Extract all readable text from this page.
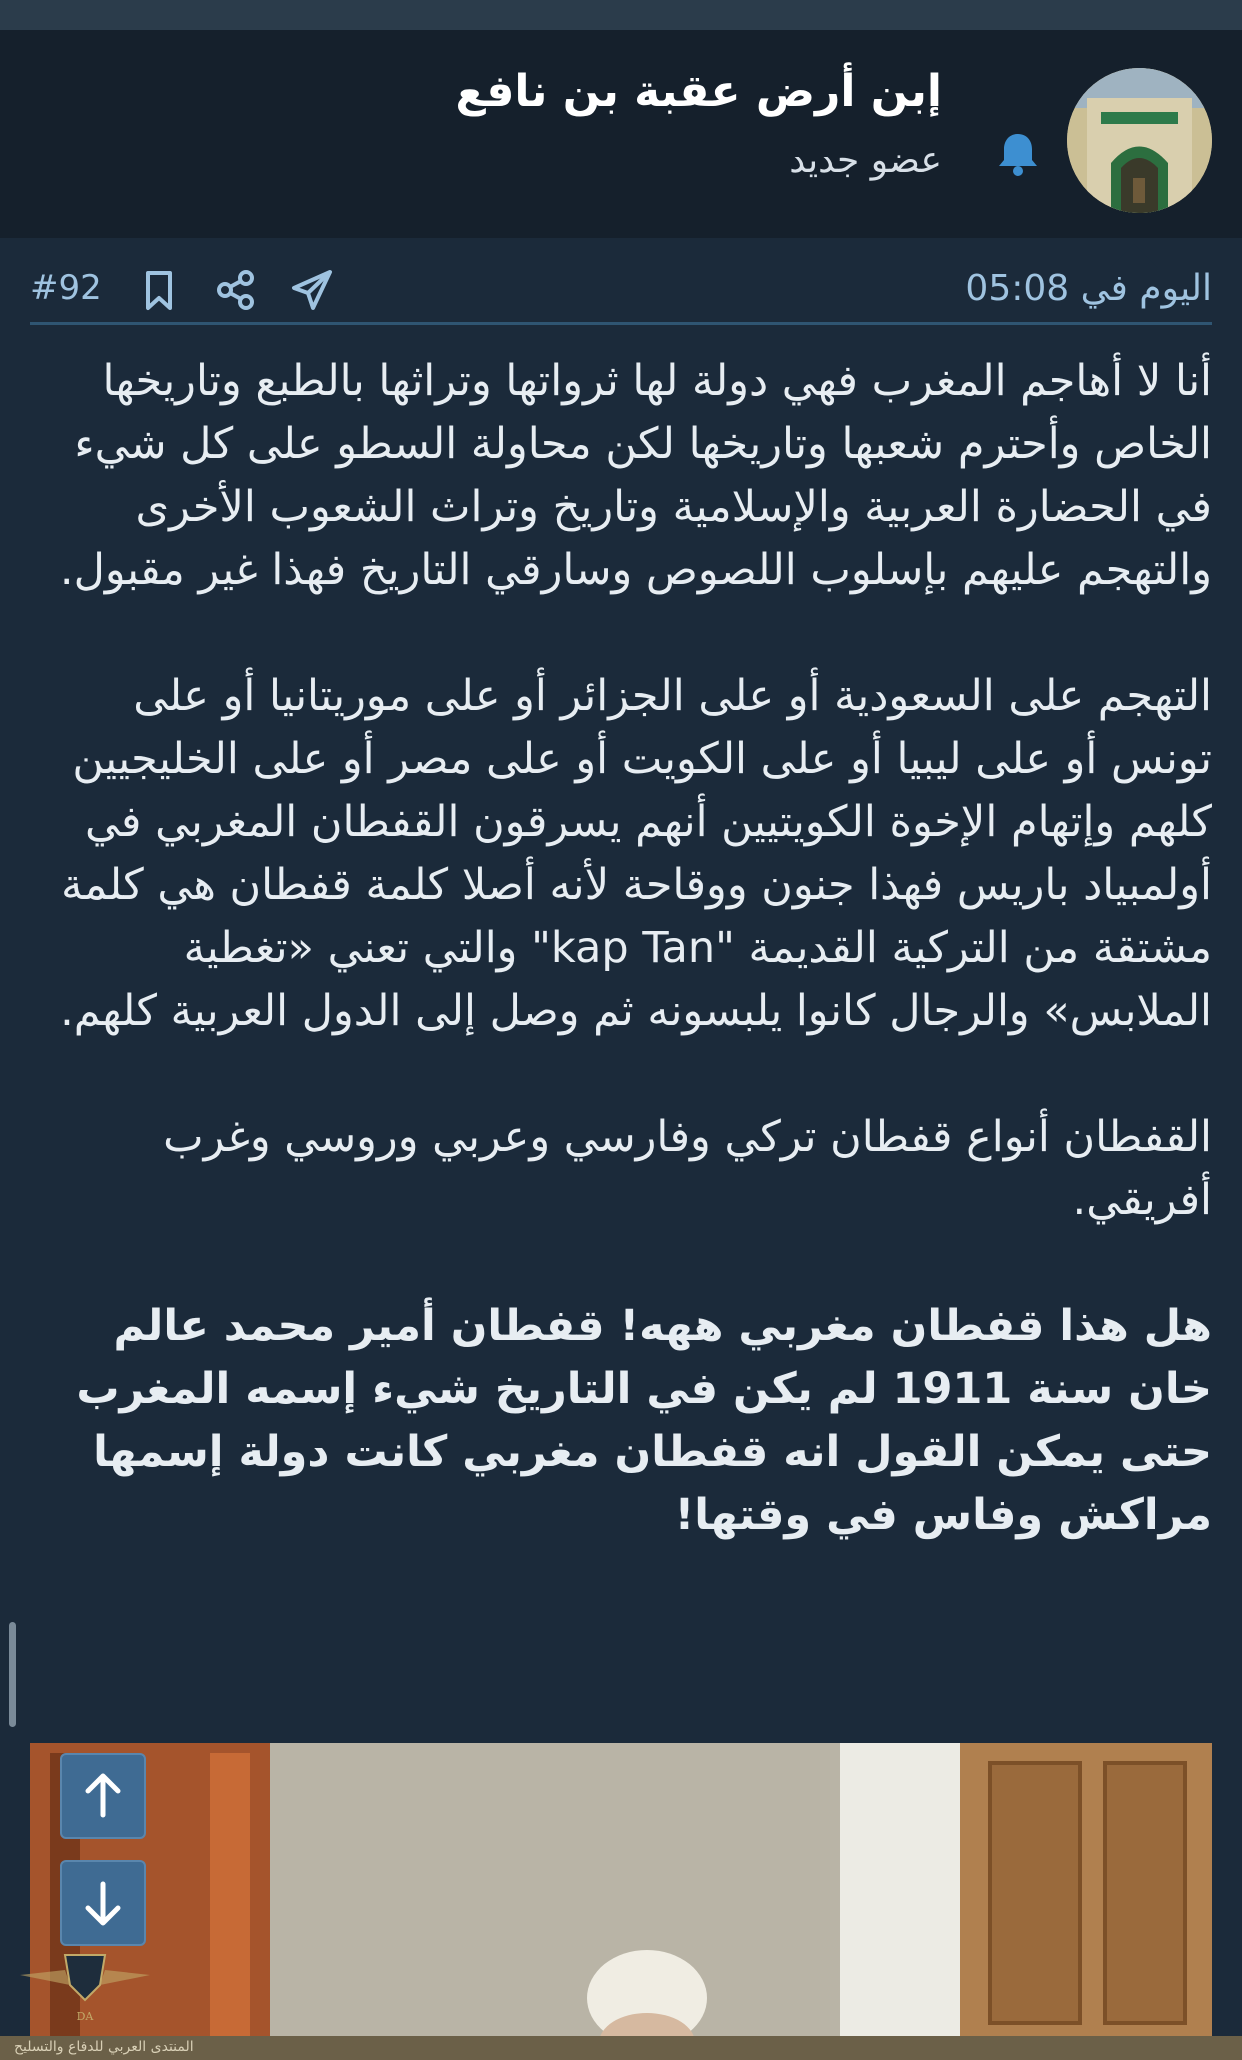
إبن أرض عقبة بن نافع
عضو جديد
اليوم في 05:08
#92

أنا لا أهاجم المغرب فهي دولة لها ثرواتها وتراثها بالطبع وتاريخها الخاص وأحترم شعبها وتاريخها لكن محاولة السطو على كل شيء في الحضارة العربية والإسلامية وتاريخ وتراث الشعوب الأخرى والتهجم عليهم بإسلوب اللصوص وسارقي التاريخ فهذا غير مقبول.

التهجم على السعودية أو على الجزائر أو على موريتانيا أو على تونس أو على ليبيا أو على الكويت أو على مصر أو على الخليجيين كلهم وإتهام الإخوة الكويتيين أنهم يسرقون القفطان المغربي في أولمبياد باريس فهذا جنون ووقاحة لأنه أصلا كلمة قفطان هي كلمة مشتقة من التركية القديمة "kap Tan" والتي تعني «تغطية الملابس» والرجال كانوا يلبسونه ثم وصل إلى الدول العربية كلهم.

القفطان أنواع قفطان تركي وفارسي وعربي وروسي وغرب أفريقي.

هل هذا قفطان مغربي ههه! قفطان أمير محمد عالم خان سنة 1911 لم يكن في التاريخ شيء إسمه المغرب حتى يمكن القول انه قفطان مغربي كانت دولة إسمها مراكش وفاس في وقتها!

DA
المنتدى العربي للدفاع والتسليح
